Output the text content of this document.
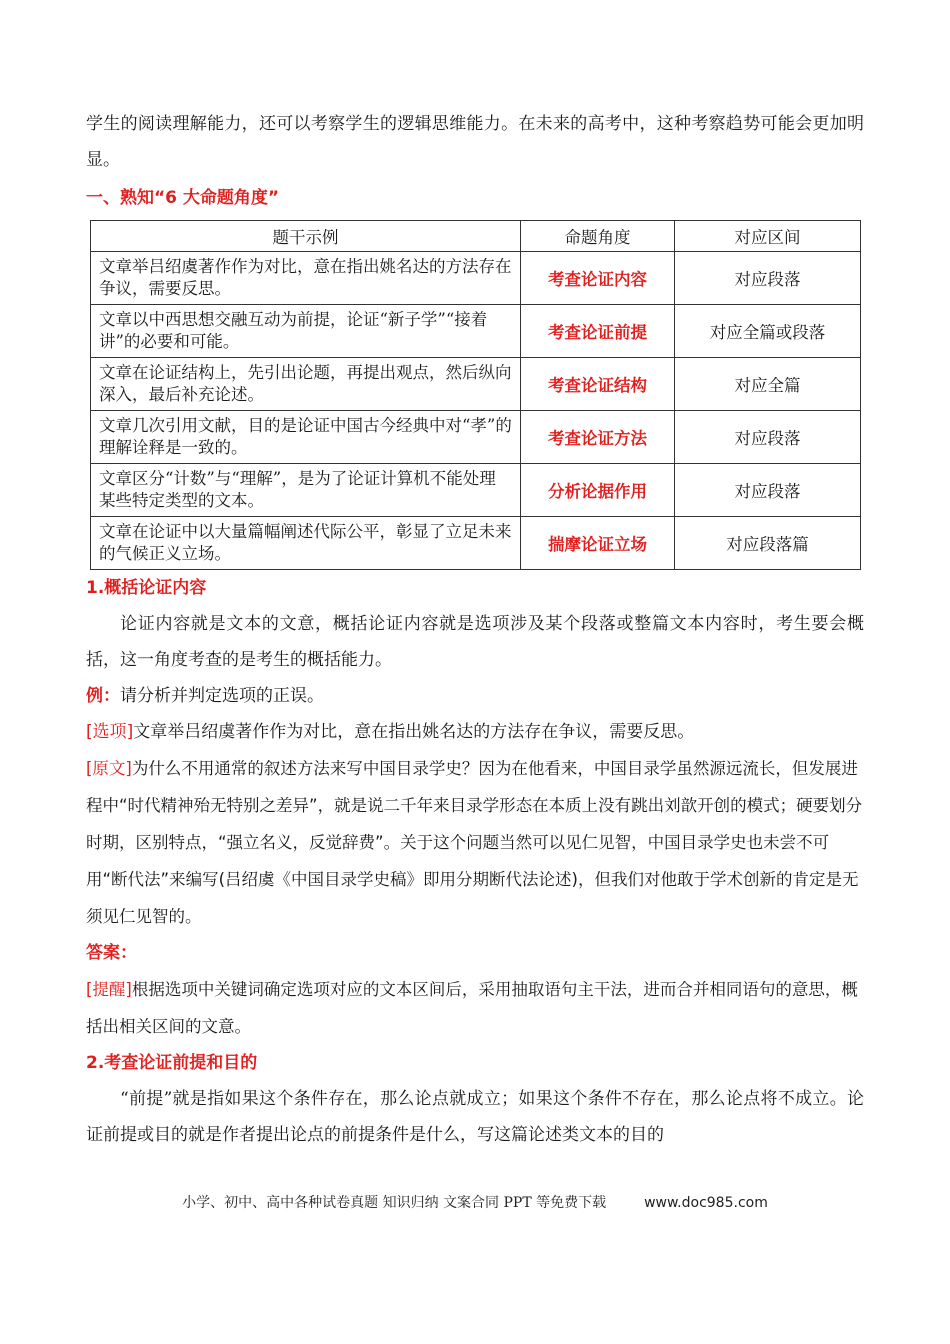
学生的阅读理解能力，还可以考察学生的逻辑思维能力。在未来的高考中，这种考察趋势可能会更加明显。

一、熟知“6 大命题角度”

题干示例	命题角度	对应区间
文章举吕绍虞著作作为对比，意在指出姚名达的方法存在争议，需要反思。	考查论证内容	对应段落
文章以中西思想交融互动为前提，论证“新子学”“接着讲”的必要和可能。	考查论证前提	对应全篇或段落
文章在论证结构上，先引出论题，再提出观点，然后纵向深入，最后补充论述。	考查论证结构	对应全篇
文章几次引用文献，目的是论证中国古今经典中对“孝”的理解诠释是一致的。	考查论证方法	对应段落
文章区分“计数”与“理解”，是为了论证计算机不能处理某些特定类型的文本。	分析论据作用	对应段落
文章在论证中以大量篇幅阐述代际公平，彰显了立足未来的气候正义立场。	揣摩论证立场	对应段落篇

1.概括论证内容

论证内容就是文本的文意，概括论证内容就是选项涉及某个段落或整篇文本内容时，考生要会概括，这一角度考查的是考生的概括能力。

例：请分析并判定选项的正误。

[选项]文章举吕绍虞著作作为对比，意在指出姚名达的方法存在争议，需要反思。

[原文]为什么不用通常的叙述方法来写中国目录学史？因为在他看来，中国目录学虽然源远流长，但发展进程中“时代精神殆无特别之差异”，就是说二千年来目录学形态在本质上没有跳出刘歆开创的模式；硬要划分时期，区别特点，“强立名义，反觉辞费”。关于这个问题当然可以见仁见智，中国目录学史也未尝不可用“断代法”来编写(吕绍虞《中国目录学史稿》即用分期断代法论述)，但我们对他敢于学术创新的肯定是无须见仁见智的。

答案：

[提醒]根据选项中关键词确定选项对应的文本区间后，采用抽取语句主干法，进而合并相同语句的意思，概括出相关区间的文意。

2.考查论证前提和目的

“前提”就是指如果这个条件存在，那么论点就成立；如果这个条件不存在，那么论点将不成立。论证前提或目的就是作者提出论点的前提条件是什么，写这篇论述类文本的目的

小学、初中、高中各种试卷真题 知识归纳 文案合同 PPT 等免费下载	www.doc985.com
